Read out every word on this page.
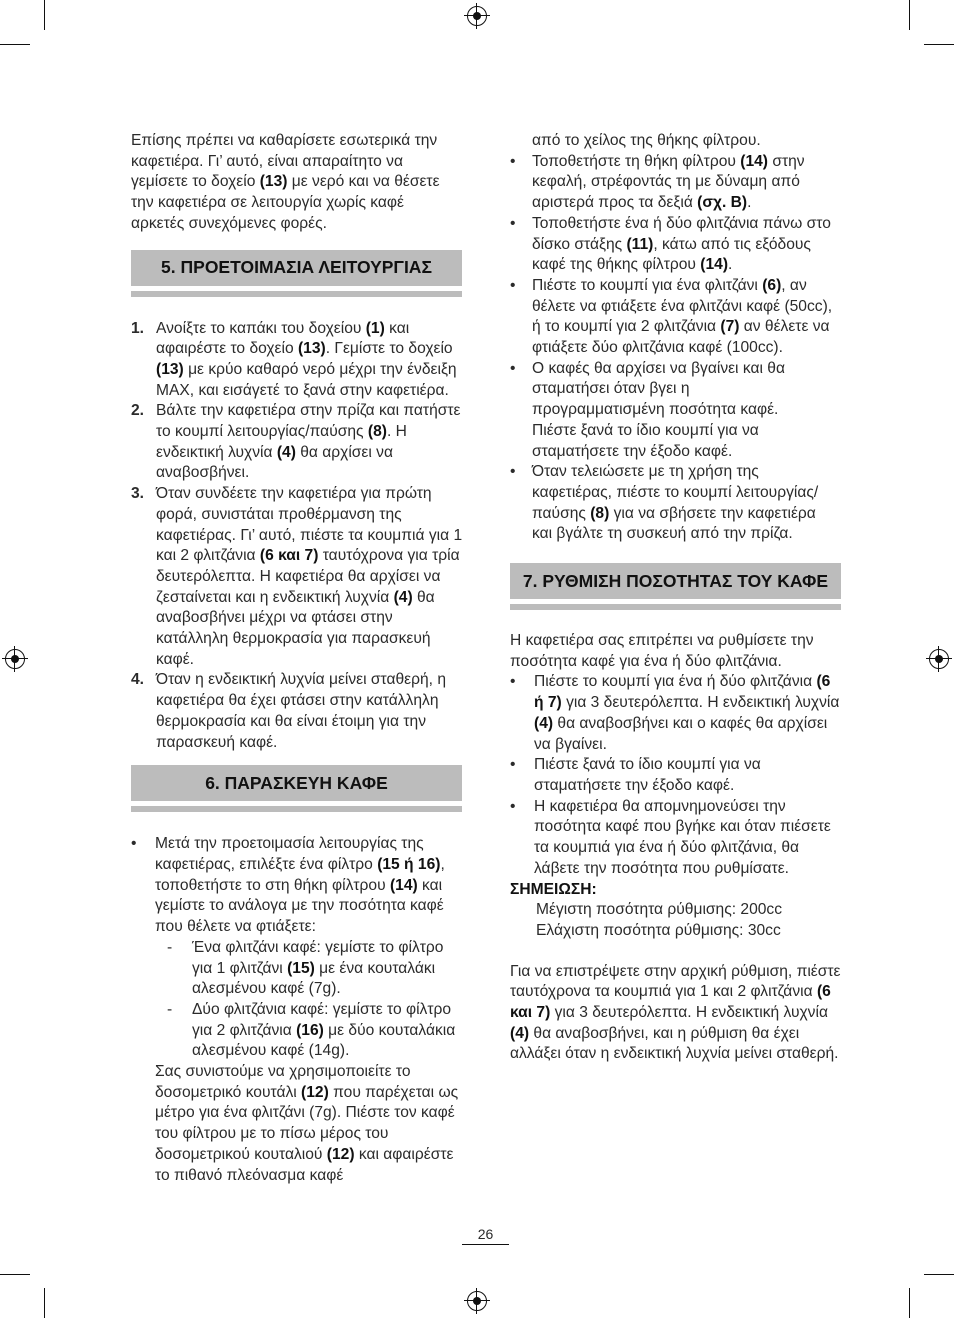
Επίσης πρέπει να καθαρίσετε εσωτερικά την καφετιέρα. Γι’ αυτό, είναι απαραίτητο να γεμίσετε το δοχείο (13) με νερό και να θέσετε την καφετιέρα σε λειτουργία χωρίς καφέ αρκετές συνεχόμενες φορές.

5. ΠΡΟΕΤΟΙΜΑΣΙΑ ΛΕΙΤΟΥΡΓΙΑΣ
1. Ανοίξτε το καπάκι του δοχείου (1) και αφαιρέστε το δοχείο (13). Γεμίστε το δοχείο (13) με κρύο καθαρό νερό μέχρι την ένδειξη MAX, και εισάγετέ το ξανά στην καφετιέρα.
2. Βάλτε την καφετιέρα στην πρίζα και πατήστε το κουμπί λειτουργίας/παύσης (8). Η ενδεικτική λυχνία (4) θα αρχίσει να αναβοσβήνει.
3. Όταν συνδέετε την καφετιέρα για πρώτη φορά, συνιστάται προθέρμανση της καφετιέρας. Γι’ αυτό, πιέστε τα κουμπιά για 1 και 2 φλιτζάνια (6 και 7) ταυτόχρονα για τρία δευτερόλεπτα. Η καφετιέρα θα αρχίσει να ζεσταίνεται και η ενδεικτική λυχνία (4) θα αναβοσβήνει μέχρι να φτάσει στην κατάλληλη θερμοκρασία για παρασκευή καφέ.
4. Όταν η ενδεικτική λυχνία μείνει σταθερή, η καφετιέρα θα έχει φτάσει στην κατάλληλη θερμοκρασία και θα είναι έτοιμη για την παρασκευή καφέ.
6. ΠΑΡΑΣΚΕΥΗ ΚΑΦΕ
•	Μετά την προετοιμασία λειτουργίας της καφετιέρας, επιλέξτε ένα φίλτρο (15 ή 16), τοποθετήστε το στη θήκη φίλτρου (14) και γεμίστε το ανάλογα με την ποσότητα καφέ που θέλετε να φτιάξετε:

-	Ένα φλιτζάνι καφέ: γεμίστε το φίλτρο για 1 φλιτζάνι (15) με ένα κουταλάκι αλεσμένου καφέ (7g).
-	Δύο φλιτζάνια καφέ: γεμίστε το φίλτρο για 2 φλιτζάνια (16) με δύο κουταλάκια αλεσμένου καφέ (14g).

Σας συνιστούμε να χρησιμοποιείτε το δοσομετρικό κουτάλι (12) που παρέχεται ως μέτρο για ένα φλιτζάνι (7g). Πιέστε τον καφέ του φίλτρου με το πίσω μέρος του δοσομετρικού κουταλιού (12) και αφαιρέστε το πιθανό πλεόνασμα καφέ

από το χείλος της θήκης φίλτρου.

•	Τοποθετήστε τη θήκη φίλτρου (14) στην κεφαλή, στρέφοντάς τη με δύναμη από αριστερά προς τα δεξιά (σχ. B).
•	Τοποθετήστε ένα ή δύο φλιτζάνια πάνω στο δίσκο στάξης (11), κάτω από τις εξόδους καφέ της θήκης φίλτρου (14).
•	Πιέστε το κουμπί για ένα φλιτζάνι (6), αν θέλετε να φτιάξετε ένα φλιτζάνι καφέ (50cc), ή το κουμπί για 2 φλιτζάνια (7) αν θέλετε να φτιάξετε δύο φλιτζάνια καφέ (100cc).
•	Ο καφές θα αρχίσει να βγαίνει και θα σταματήσει όταν βγει η προγραμματισμένη ποσότητα καφέ. Πιέστε ξανά το ίδιο κουμπί για να σταματήσετε την έξοδο καφέ.
•	Όταν τελειώσετε με τη χρήση της καφετιέρας, πιέστε το κουμπί λειτουργίας/παύσης (8) για να σβήσετε την καφετιέρα και βγάλτε τη συσκευή από την πρίζα.
7. ΡΥΘΜΙΣΗ ΠΟΣΟΤΗΤΑΣ ΤΟΥ ΚΑΦΕ

Η καφετιέρα σας επιτρέπει να ρυθμίσετε την ποσότητα καφέ για ένα ή δύο φλιτζάνια.

•	Πιέστε το κουμπί για ένα ή δύο φλιτζάνια (6 ή 7) για 3 δευτερόλεπτα. Η ενδεικτική λυχνία (4) θα αναβοσβήνει και ο καφές θα αρχίσει να βγαίνει.
•	Πιέστε ξανά το ίδιο κουμπί για να σταματήσετε την έξοδο καφέ.
•	Η καφετιέρα θα απομνημονεύσει την ποσότητα καφέ που βγήκε και όταν πιέσετε τα κουμπιά για ένα ή δύο φλιτζάνια, θα λάβετε την ποσότητα που ρυθμίσατε.

ΣΗΜΕΙΩΣΗ:

Μέγιστη ποσότητα ρύθμισης: 200cc

Ελάχιστη ποσότητα ρύθμισης: 30cc

Για να επιστρέψετε στην αρχική ρύθμιση, πιέστε ταυτόχρονα τα κουμπιά για 1 και 2 φλιτζάνια (6 και 7) για 3 δευτερόλεπτα. Η ενδεικτική λυχνία (4) θα αναβοσβήνει, και η ρύθμιση θα έχει αλλάξει όταν η ενδεικτική λυχνία μείνει σταθερή.

26
